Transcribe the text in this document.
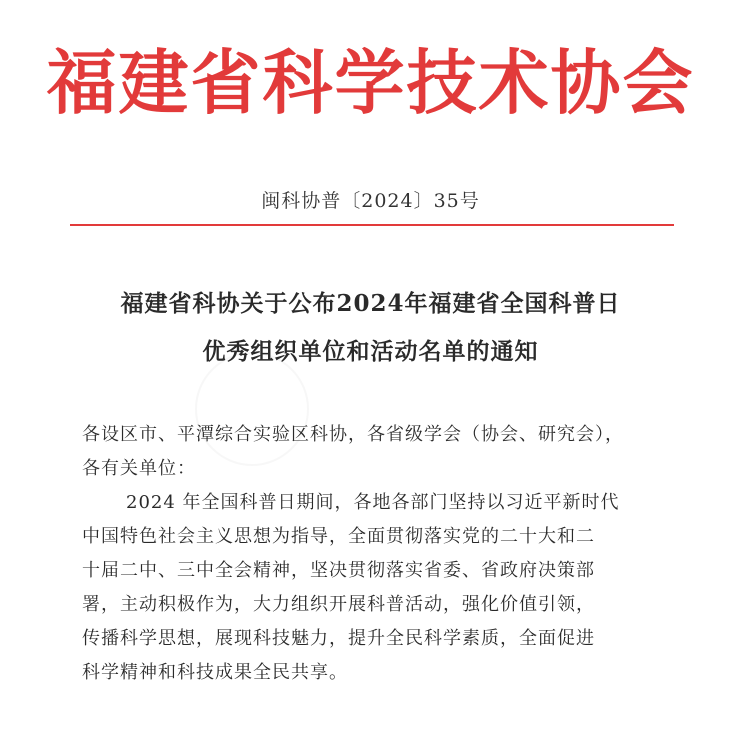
福建省科学技术协会
闽科协普〔2024〕35号
福建省科协关于公布2024年福建省全国科普日
优秀组织单位和活动名单的通知
各设区市、平潭综合实验区科协，各省级学会（协会、研究会），
各有关单位：
2024 年全国科普日期间，各地各部门坚持以习近平新时代
中国特色社会主义思想为指导，全面贯彻落实党的二十大和二
十届二中、三中全会精神，坚决贯彻落实省委、省政府决策部
署，主动积极作为，大力组织开展科普活动，强化价值引领，
传播科学思想，展现科技魅力，提升全民科学素质，全面促进
科学精神和科技成果全民共享。
